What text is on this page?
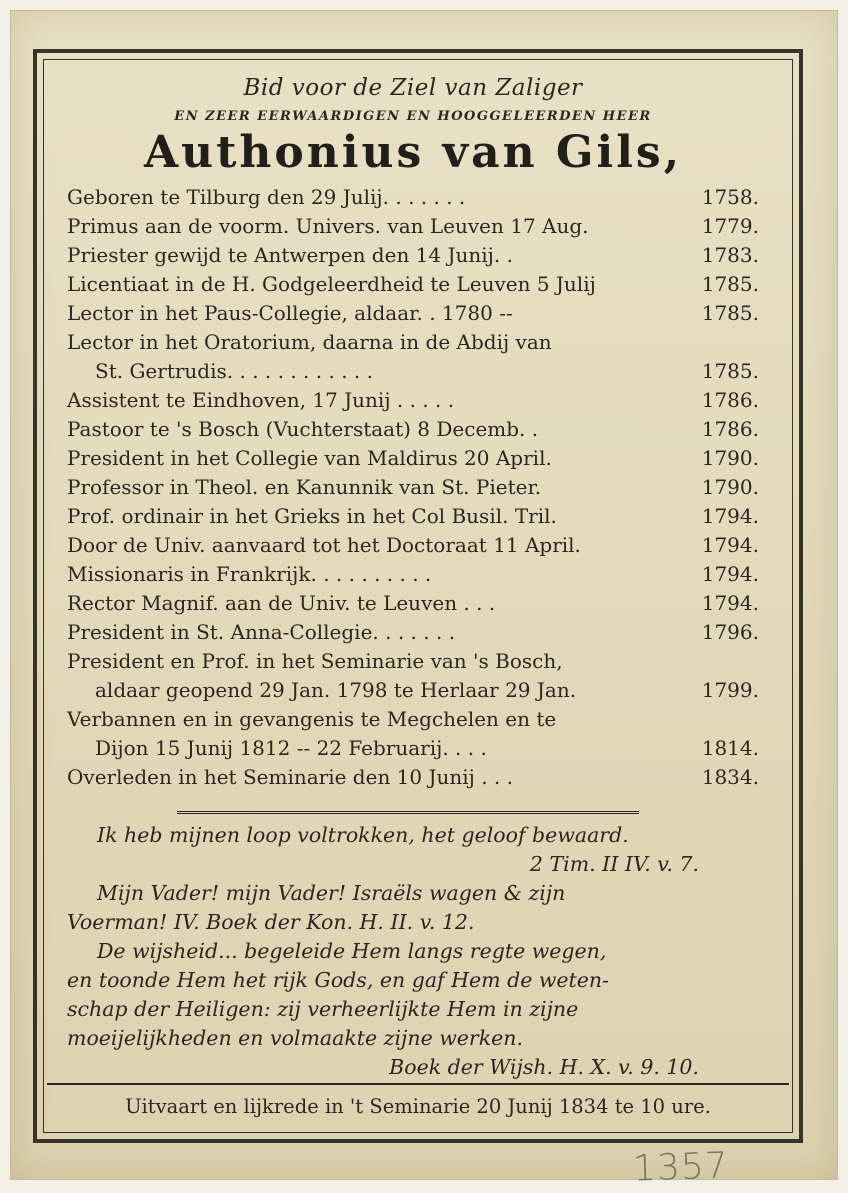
Bid voor de Ziel van Zaliger
EN ZEER EERWAARDIGEN EN HOOGGELEERDEN HEER
Authonius van Gils,
Geboren te Tilburg den 29 Julij. . . . . . .	1758.
Primus aan de voorm. Univers. van Leuven 17 Aug.	1779.
Priester gewijd te Antwerpen den 14 Junij. .	1783.
Licentiaat in de H. Godgeleerdheid te Leuven 5 Julij	1785.
Lector in het Paus-Collegie, aldaar. . 1780 --	1785.
Lector in het Oratorium, daarna in de Abdij van
St. Gertrudis. . . . . . . . . . . .	1785.
Assistent te Eindhoven, 17 Junij . . . . .	1786.
Pastoor te 's Bosch (Vuchterstaat) 8 Decemb. .	1786.
President in het Collegie van Maldirus 20 April.	1790.
Professor in Theol. en Kanunnik van St. Pieter.	1790.
Prof. ordinair in het Grieks in het Col Busil. Tril.	1794.
Door de Univ. aanvaard tot het Doctoraat 11 April.	1794.
Missionaris in Frankrijk. . . . . . . . . .	1794.
Rector Magnif. aan de Univ. te Leuven . . .	1794.
President in St. Anna-Collegie. . . . . . .	1796.
President en Prof. in het Seminarie van 's Bosch,
aldaar geopend 29 Jan. 1798 te Herlaar 29 Jan.	1799.
Verbannen en in gevangenis te Megchelen en te
Dijon 15 Junij 1812 -- 22 Februarij. . . .	1814.
Overleden in het Seminarie den 10 Junij . . .	1834.
Ik heb mijnen loop voltrokken, het geloof bewaard.
2 Tim. II IV. v. 7.
Mijn Vader! mijn Vader! Israëls wagen & zijn
Voerman! IV. Boek der Kon. H. II. v. 12.
De wijsheid... begeleide Hem langs regte wegen,
en toonde Hem het rijk Gods, en gaf Hem de weten-
schap der Heiligen: zij verheerlijkte Hem in zijne
moeijelijkheden en volmaakte zijne werken.
Boek der Wijsh. H. X. v. 9. 10.
Uitvaart en lijkrede in 't Seminarie 20 Junij 1834 te 10 ure.
1357
